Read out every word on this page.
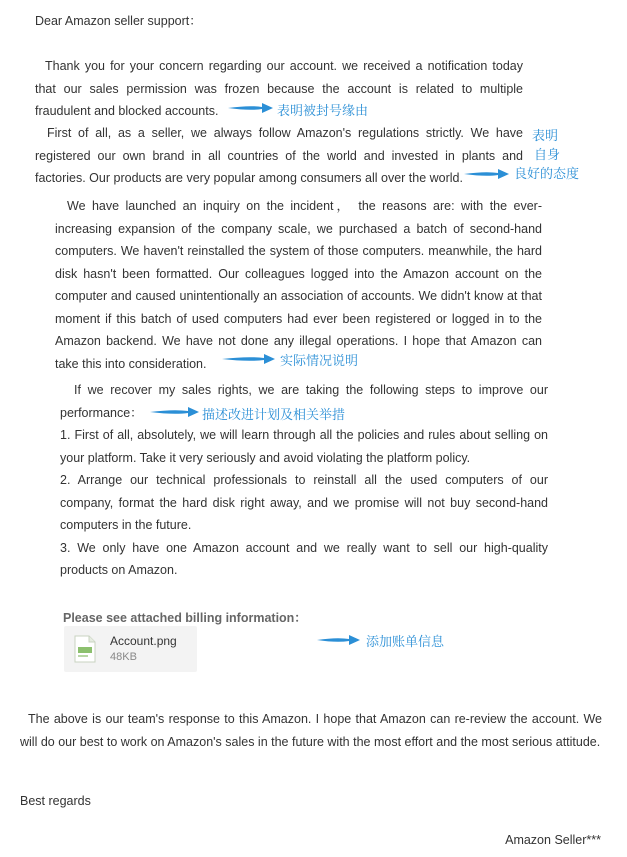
Dear Amazon seller support：
Thank you for your concern regarding our account. we received a notification today that our sales permission was frozen because the account is related to multiple fraudulent and blocked accounts.	表明被封号缘由
First of all, as a seller, we always follow Amazon's regulations strictly. We have registered our own brand in all countries of the world and invested in plants and factories. Our products are very popular among consumers all over the world.
表明
自身
良好的态度
We have launched an inquiry on the incident， the reasons are: with the ever-increasing expansion of the company scale, we purchased a batch of second-hand computers. We haven't reinstalled the system of those computers. meanwhile, the hard disk hasn't been formatted. Our colleagues logged into the Amazon account on the computer and caused unintentionally an association of accounts. We didn't know at that moment if this batch of used computers had ever been registered or logged in to the Amazon backend. We have not done any illegal operations. I hope that Amazon can take this into consideration.	实际情况说明
If we recover my sales rights, we are taking the following steps to improve our performance：	描述改进计划及相关举措
1. First of all, absolutely, we will learn through all the policies and rules about selling on your platform. Take it very seriously and avoid violating the platform policy.
2. Arrange our technical professionals to reinstall all the used computers of our company, format the hard disk right away, and we promise will not buy second-hand computers in the future.
3. We only have one Amazon account and we really want to sell our high-quality products on Amazon.
Please see attached billing information：
Account.png
48KB
添加账单信息
The above is our team's response to this Amazon. I hope that Amazon can re-review the account. We will do our best to work on Amazon's sales in the future with the most effort and the most serious attitude.
Best regards
Amazon Seller***
